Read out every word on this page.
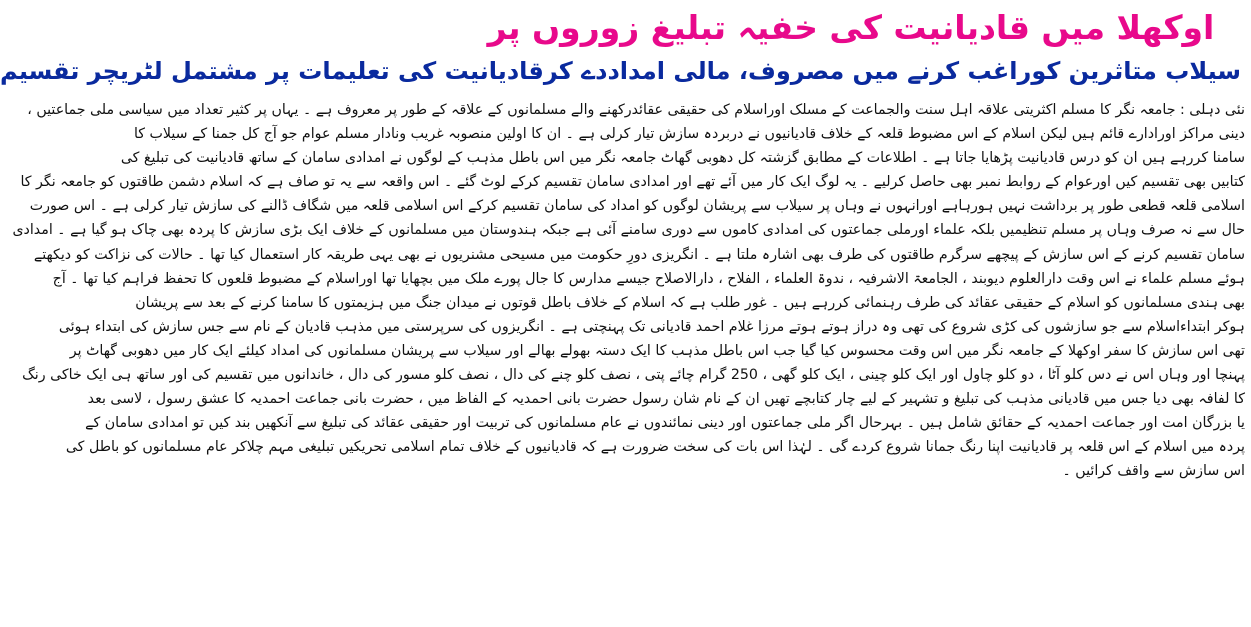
اوکھلا میں قادیانیت کی خفیہ تبلیغ زوروں پر
سیلاب متاثرین کوراغب کرنے میں مصروف، مالی امداددے کرقادیانیت کی تعلیمات پر مشتمل لٹریچر تقسیم
نئی دہلی : جامعہ نگر کا مسلم اکثریتی علاقہ اہل سنت والجماعت کے مسلک اوراسلام کی حقیقی عقائدرکھنے والے مسلمانوں کے علاقہ کے طور پر معروف ہے ۔ یہاں پر کثیر تعداد میں سیاسی ملی جماعتیں ،
دینی مراکز اورادارے قائم ہیں لیکن اسلام کے اس مضبوط قلعہ کے خلاف قادیانیوں نے دربردہ سازش تیار کرلی ہے ۔ ان کا اولین منصوبہ غریب ونادار مسلم عوام جو آج کل جمنا کے سیلاب کا
سامنا کررہے ہیں ان کو درس قادیانیت پڑھایا جاتا ہے ۔ اطلاعات کے مطابق گزشتہ کل دھوبی گھاٹ جامعہ نگر میں اس باطل مذہب کے لوگوں نے امدادی سامان کے ساتھ قادیانیت کی تبلیغ کی
کتابیں بھی تقسیم کیں اورعوام کے روابط نمبر بھی حاصل کرلیے ۔ یہ لوگ ایک کار میں آئے تھے اور امدادی سامان تقسیم کرکے لوٹ گئے ۔ اس واقعہ سے یہ تو صاف ہے کہ اسلام دشمن طاقتوں کو جامعہ نگر کا
اسلامی قلعہ قطعی طور پر برداشت نہیں ہورہاہے اورانہوں نے وہاں پر سیلاب سے پریشان لوگوں کو امداد کی سامان تقسیم کرکے اس اسلامی قلعہ میں شگاف ڈالنے کی سازش تیار کرلی ہے ۔ اس صورت
حال سے نہ صرف وہاں پر مسلم تنظیمیں بلکہ علماء اورملی جماعتوں کی امدادی کاموں سے دوری سامنے آئی ہے جبکہ ہندوستان میں مسلمانوں کے خلاف ایک بڑی سازش کا پردہ بھی چاک ہو گیا ہے ۔ امدادی
سامان تقسیم کرنے کے اس سازش کے پیچھے سرگرم طاقتوں کی طرف بھی اشارہ ملتا ہے ۔ انگریزی دورِ حکومت میں مسیحی مشنریوں نے بھی یہی طریقہ کار استعمال کیا تھا ۔ حالات کی نزاکت کو دیکھتے
ہوئے مسلم علماء نے اس وقت دارالعلوم دیوبند ، الجامعۃ الاشرفیہ ، ندوۃ العلماء ، الفلاح ، دارالاصلاح جیسے مدارس کا جال پورے ملک میں بچھایا تھا اوراسلام کے مضبوط قلعوں کا تحفظ فراہم کیا تھا ۔ آج
بھی ہندی مسلمانوں کو اسلام کے حقیقی عقائد کی طرف رہنمائی کررہے ہیں ۔ غور طلب ہے کہ اسلام کے خلاف باطل قوتوں نے میدان جنگ میں ہزیمتوں کا سامنا کرنے کے بعد سے پریشان
ہوکر ابتداءاسلام سے جو سازشوں کی کڑی شروع کی تھی وہ دراز ہوتے ہوتے مرزا غلام احمد قادیانی تک پہنچتی ہے ۔ انگریزوں کی سرپرستی میں مذہب قادیان کے نام سے جس سازش کی ابتداء ہوئی
تھی اس سازش کا سفر اوکھلا کے جامعہ نگر میں اس وقت محسوس کیا گیا جب اس باطل مذہب کا ایک دستہ بھولے بھالے اور سیلاب سے پریشان مسلمانوں کی امداد کیلئے ایک کار میں دھوبی گھاٹ پر
پہنچا اور وہاں اس نے دس کلو آٹا ، دو کلو چاول اور ایک کلو چینی ، ایک کلو گھی ، 250 گرام چائے پتی ، نصف کلو چنے کی دال ، نصف کلو مسور کی دال ، خاندانوں میں تقسیم کی اور ساتھ ہی ایک خاکی رنگ
کا لفافہ بھی دیا جس میں قادیانی مذہب کی تبلیغ و تشہیر کے لیے چار کتابچے تھیں ان کے نام شان رسول حضرت بانی احمدیہ کے الفاظ میں ، حضرت بانی جماعت احمدیہ کا عشق رسول ، لاسی بعد
یا بزرگان امت اور جماعت احمدیہ کے حقائق شامل ہیں ۔ بہرحال اگر ملی جماعتوں اور دینی نمائندوں نے عام مسلمانوں کی تربیت اور حقیقی عقائد کی تبلیغ سے آنکھیں بند کیں تو امدادی سامان کے
پردہ میں اسلام کے اس قلعہ پر قادیانیت اپنا رنگ جمانا شروع کردے گی ۔ لہٰذا اس بات کی سخت ضرورت ہے کہ قادیانیوں کے خلاف تمام اسلامی تحریکیں تبلیغی مہم چلاکر عام مسلمانوں کو باطل کی
اس سازش سے واقف کرائیں ۔
